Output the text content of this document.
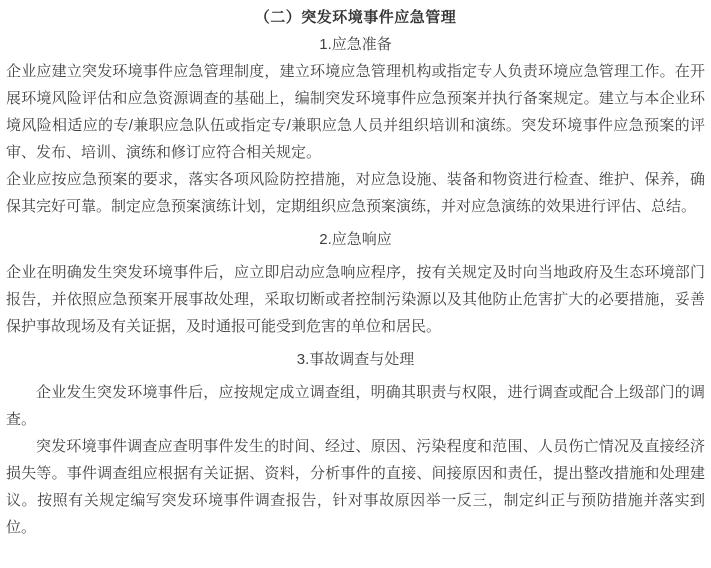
（二）突发环境事件应急管理
1.应急准备

企业应建立突发环境事件应急管理制度，建立环境应急管理机构或指定专人负责环境应急管理工作。在开展环境风险评估和应急资源调查的基础上，编制突发环境事件应急预案并执行备案规定。建立与本企业环境风险相适应的专/兼职应急队伍或指定专/兼职应急人员并组织培训和演练。突发环境事件应急预案的评审、发布、培训、演练和修订应符合相关规定。

企业应按应急预案的要求，落实各项风险防控措施，对应急设施、装备和物资进行检查、维护、保养，确保其完好可靠。制定应急预案演练计划，定期组织应急预案演练，并对应急演练的效果进行评估、总结。

2.应急响应

企业在明确发生突发环境事件后，应立即启动应急响应程序，按有关规定及时向当地政府及生态环境部门报告，并依照应急预案开展事故处理，采取切断或者控制污染源以及其他防止危害扩大的必要措施，妥善保护事故现场及有关证据，及时通报可能受到危害的单位和居民。

3.事故调查与处理

企业发生突发环境事件后，应按规定成立调查组，明确其职责与权限，进行调查或配合上级部门的调查。

突发环境事件调查应查明事件发生的时间、经过、原因、污染程度和范围、人员伤亡情况及直接经济损失等。事件调查组应根据有关证据、资料，分析事件的直接、间接原因和责任，提出整改措施和处理建议。按照有关规定编写突发环境事件调查报告，针对事故原因举一反三，制定纠正与预防措施并落实到位。
